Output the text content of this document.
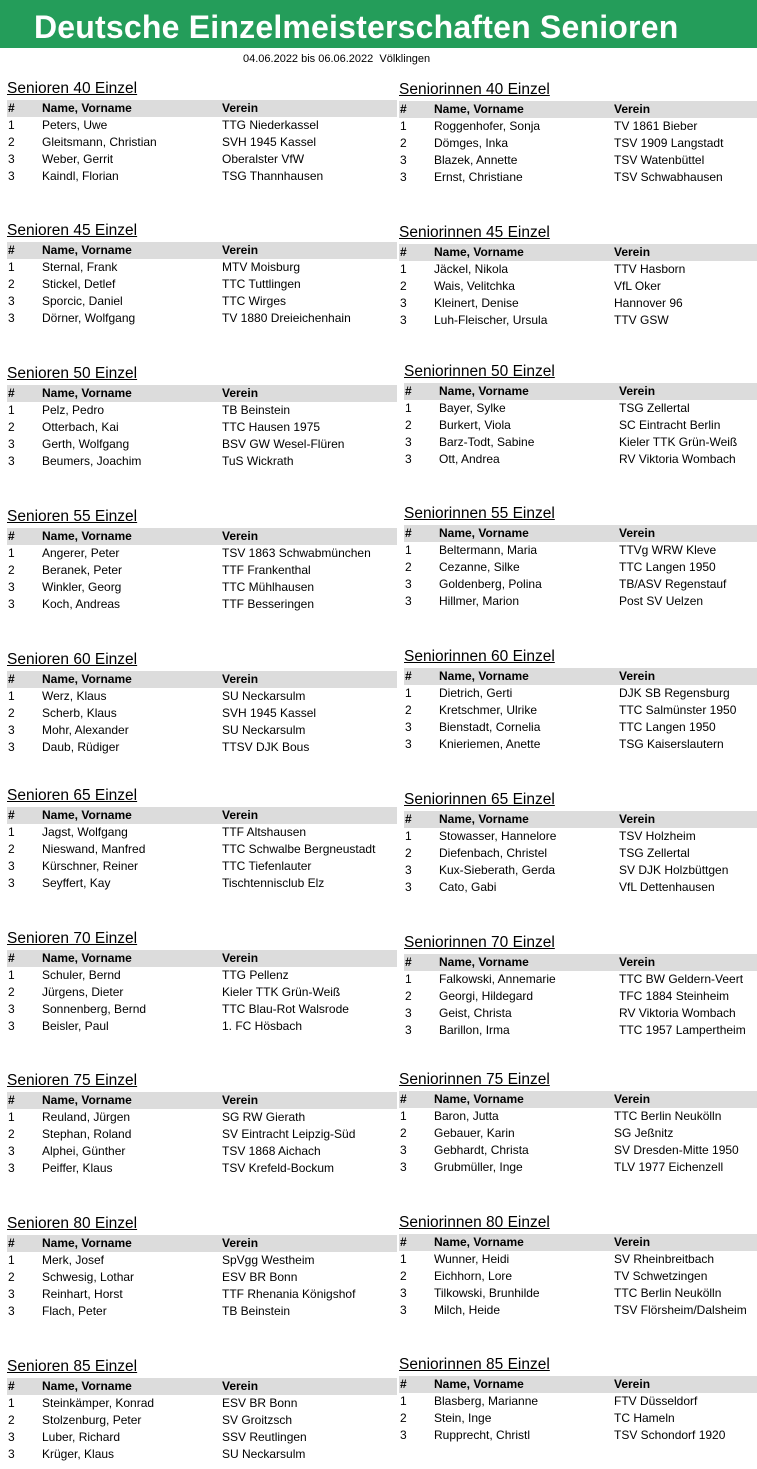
Deutsche Einzelmeisterschaften Senioren
04.06.2022 bis 06.06.2022 Völklingen
Senioren 40 Einzel
# Name, Vorname	Verein
1 Peters, Uwe	TTG Niederkassel
2 Gleitsmann, Christian	SVH 1945 Kassel
3 Weber, Gerrit	Oberalster VfW
3 Kaindl, Florian	TSG Thannhausen
Senioren 45 Einzel
# Name, Vorname	Verein
1 Sternal, Frank	MTV Moisburg
2 Stickel, Detlef	TTC Tuttlingen
3 Sporcic, Daniel	TTC Wirges
3 Dörner, Wolfgang	TV 1880 Dreieichenhain
Senioren 50 Einzel
# Name, Vorname	Verein
1 Pelz, Pedro	TB Beinstein
2 Otterbach, Kai	TTC Hausen 1975
3 Gerth, Wolfgang	BSV GW Wesel-Flüren
3 Beumers, Joachim	TuS Wickrath
Senioren 55 Einzel
# Name, Vorname	Verein
1 Angerer, Peter	TSV 1863 Schwabmünchen
2 Beranek, Peter	TTF Frankenthal
3 Winkler, Georg	TTC Mühlhausen
3 Koch, Andreas	TTF Besseringen
Senioren 60 Einzel
# Name, Vorname	Verein
1 Werz, Klaus	SU Neckarsulm
2 Scherb, Klaus	SVH 1945 Kassel
3 Mohr, Alexander	SU Neckarsulm
3 Daub, Rüdiger	TTSV DJK Bous
Senioren 65 Einzel
# Name, Vorname	Verein
1 Jagst, Wolfgang	TTF Altshausen
2 Nieswand, Manfred	TTC Schwalbe Bergneustadt
3 Kürschner, Reiner	TTC Tiefenlauter
3 Seyffert, Kay	Tischtennisclub Elz
Senioren 70 Einzel
# Name, Vorname	Verein
1 Schuler, Bernd	TTG Pellenz
2 Jürgens, Dieter	Kieler TTK Grün-Weiß
3 Sonnenberg, Bernd	TTC Blau-Rot Walsrode
3 Beisler, Paul	1. FC Hösbach
Senioren 75 Einzel
# Name, Vorname	Verein
1 Reuland, Jürgen	SG RW Gierath
2 Stephan, Roland	SV Eintracht Leipzig-Süd
3 Alphei, Günther	TSV 1868 Aichach
3 Peiffer, Klaus	TSV Krefeld-Bockum
Senioren 80 Einzel
# Name, Vorname	Verein
1 Merk, Josef	SpVgg Westheim
2 Schwesig, Lothar	ESV BR Bonn
3 Reinhart, Horst	TTF Rhenania Königshof
3 Flach, Peter	TB Beinstein
Senioren 85 Einzel
# Name, Vorname	Verein
1 Steinkämper, Konrad	ESV BR Bonn
2 Stolzenburg, Peter	SV Groitzsch
3 Luber, Richard	SSV Reutlingen
3 Krüger, Klaus	SU Neckarsulm
Seniorinnen 40 Einzel
# Name, Vorname	Verein
1 Roggenhofer, Sonja	TV 1861 Bieber
2 Dömges, Inka	TSV 1909 Langstadt
3 Blazek, Annette	TSV Watenbüttel
3 Ernst, Christiane	TSV Schwabhausen
Seniorinnen 45 Einzel
# Name, Vorname	Verein
1 Jäckel, Nikola	TTV Hasborn
2 Wais, Velitchka	VfL Oker
3 Kleinert, Denise	Hannover 96
3 Luh-Fleischer, Ursula	TTV GSW
Seniorinnen 50 Einzel
# Name, Vorname	Verein
1 Bayer, Sylke	TSG Zellertal
2 Burkert, Viola	SC Eintracht Berlin
3 Barz-Todt, Sabine	Kieler TTK Grün-Weiß
3 Ott, Andrea	RV Viktoria Wombach
Seniorinnen 55 Einzel
# Name, Vorname	Verein
1 Beltermann, Maria	TTVg WRW Kleve
2 Cezanne, Silke	TTC Langen 1950
3 Goldenberg, Polina	TB/ASV Regenstauf
3 Hillmer, Marion	Post SV Uelzen
Seniorinnen 60 Einzel
# Name, Vorname	Verein
1 Dietrich, Gerti	DJK SB Regensburg
2 Kretschmer, Ulrike	TTC Salmünster 1950
3 Bienstadt, Cornelia	TTC Langen 1950
3 Knieriemen, Anette	TSG Kaiserslautern
Seniorinnen 65 Einzel
# Name, Vorname	Verein
1 Stowasser, Hannelore	TSV Holzheim
2 Diefenbach, Christel	TSG Zellertal
3 Kux-Sieberath, Gerda	SV DJK Holzbüttgen
3 Cato, Gabi	VfL Dettenhausen
Seniorinnen 70 Einzel
# Name, Vorname	Verein
1 Falkowski, Annemarie	TTC BW Geldern-Veert
2 Georgi, Hildegard	TFC 1884 Steinheim
3 Geist, Christa	RV Viktoria Wombach
3 Barillon, Irma	TTC 1957 Lampertheim
Seniorinnen 75 Einzel
# Name, Vorname	Verein
1 Baron, Jutta	TTC Berlin Neukölln
2 Gebauer, Karin	SG Jeßnitz
3 Gebhardt, Christa	SV Dresden-Mitte 1950
3 Grubmüller, Inge	TLV 1977 Eichenzell
Seniorinnen 80 Einzel
# Name, Vorname	Verein
1 Wunner, Heidi	SV Rheinbreitbach
2 Eichhorn, Lore	TV Schwetzingen
3 Tilkowski, Brunhilde	TTC Berlin Neukölln
3 Milch, Heide	TSV Flörsheim/Dalsheim
Seniorinnen 85 Einzel
# Name, Vorname	Verein
1 Blasberg, Marianne	FTV Düsseldorf
2 Stein, Inge	TC Hameln
3 Rupprecht, Christl	TSV Schondorf 1920
